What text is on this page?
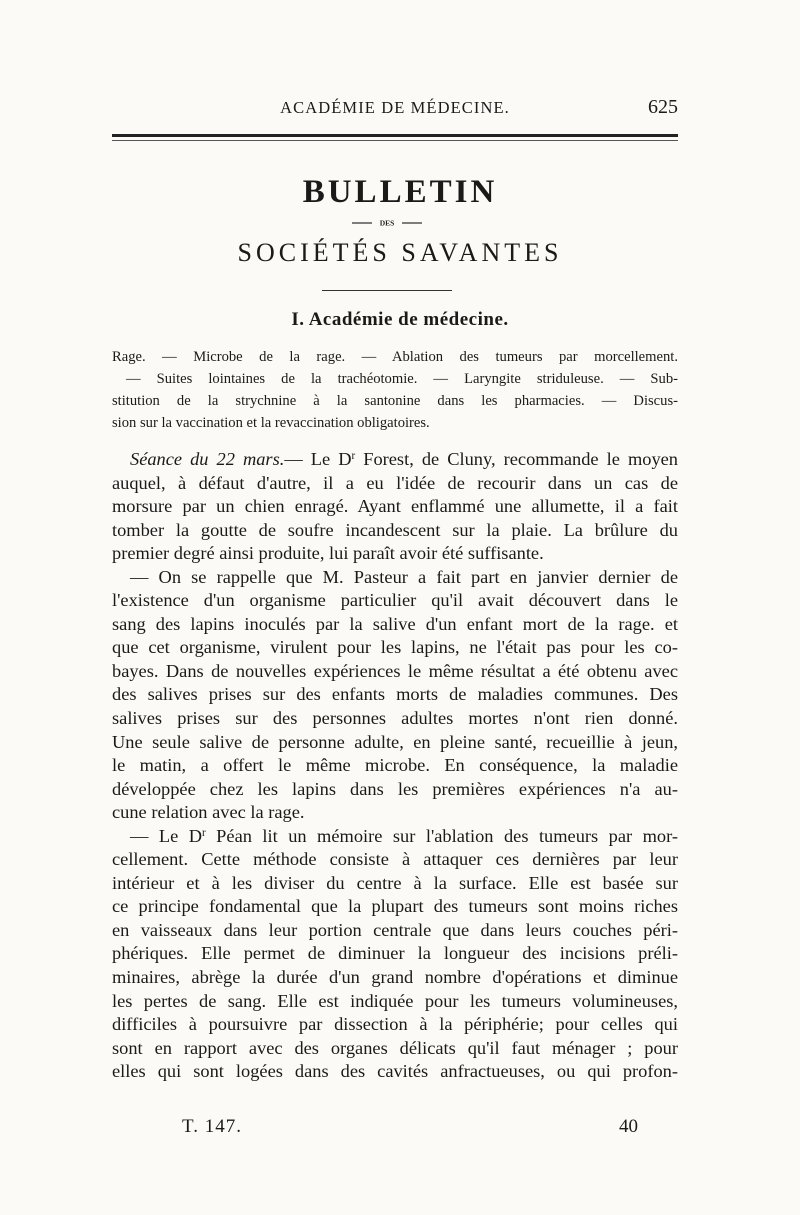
ACADÉMIE DE MÉDECINE.	625
BULLETIN
DES
SOCIÉTÉS SAVANTES
I. Académie de médecine.
Rage. — Microbe de la rage. — Ablation des tumeurs par morcellement.
— Suites lointaines de la trachéotomie. — Laryngite striduleuse. — Sub-
stitution de la strychnine à la santonine dans les pharmacies. — Discus-
sion sur la vaccination et la revaccination obligatoires.
Séance du 22 mars.— Le $D^r$ Forest, de Cluny, recommande le moyen
auquel, à défaut d'autre, il a eu l'idée de recourir dans un cas de
morsure par un chien enragé. Ayant enflammé une allumette, il a fait
tomber la goutte de soufre incandescent sur la plaie. La brûlure du
premier degré ainsi produite, lui paraît avoir été suffisante.
— On se rappelle que M. Pasteur a fait part en janvier dernier de
l'existence d'un organisme particulier qu'il avait découvert dans le
sang des lapins inoculés par la salive d'un enfant mort de la rage. et
que cet organisme, virulent pour les lapins, ne l'était pas pour les co-
bayes. Dans de nouvelles expériences le même résultat a été obtenu avec
des salives prises sur des enfants morts de maladies communes. Des
salives prises sur des personnes adultes mortes n'ont rien donné.
Une seule salive de personne adulte, en pleine santé, recueillie à jeun,
le matin, a offert le même microbe. En conséquence, la maladie
développée chez les lapins dans les premières expériences n'a au-
cune relation avec la rage.
— Le $D^r$ Péan lit un mémoire sur l'ablation des tumeurs par mor-
cellement. Cette méthode consiste à attaquer ces dernières par leur
intérieur et à les diviser du centre à la surface. Elle est basée sur
ce principe fondamental que la plupart des tumeurs sont moins riches
en vaisseaux dans leur portion centrale que dans leurs couches péri-
phériques. Elle permet de diminuer la longueur des incisions préli-
minaires, abrège la durée d'un grand nombre d'opérations et diminue
les pertes de sang. Elle est indiquée pour les tumeurs volumineuses,
difficiles à poursuivre par dissection à la périphérie; pour celles qui
sont en rapport avec des organes délicats qu'il faut ménager ; pour
elles qui sont logées dans des cavités anfractueuses, ou qui profon-
T. 147.	40
